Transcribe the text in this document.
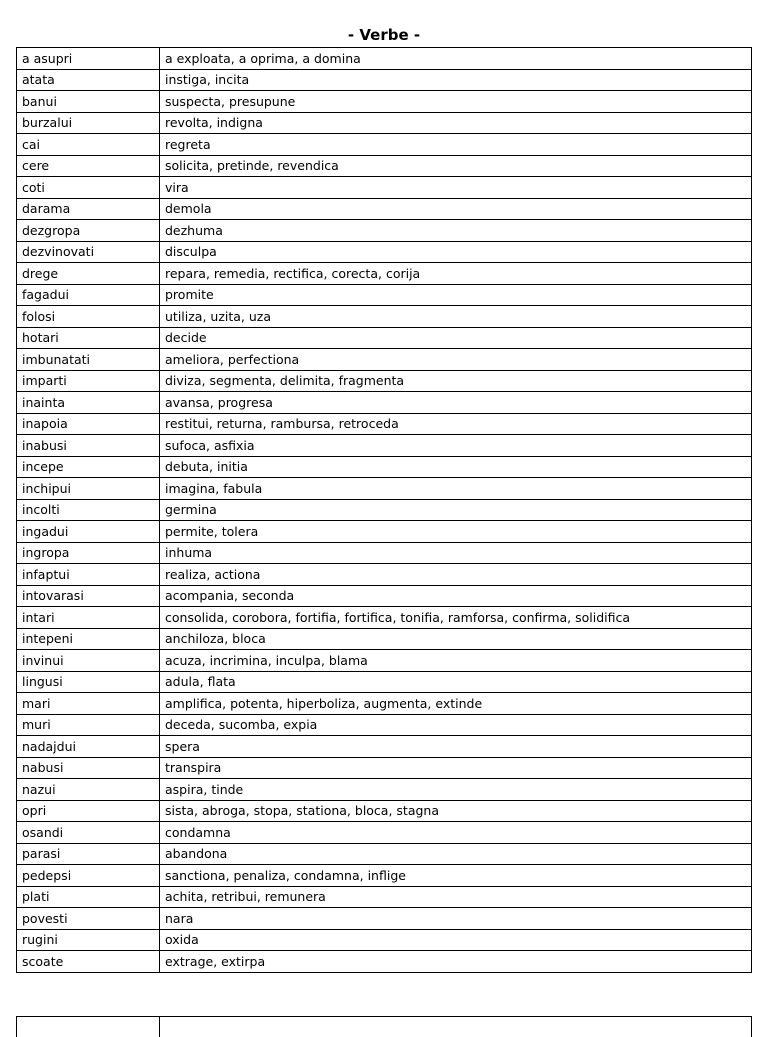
- Verbe -
a asupri	a exploata, a oprima, a domina
atata	instiga, incita
banui	suspecta, presupune
burzalui	revolta, indigna
cai	regreta
cere	solicita, pretinde, revendica
coti	vira
darama	demola
dezgropa	dezhuma
dezvinovati	disculpa
drege	repara, remedia, rectifica, corecta, corija
fagadui	promite
folosi	utiliza, uzita, uza
hotari	decide
imbunatati	ameliora, perfectiona
imparti	diviza, segmenta, delimita, fragmenta
inainta	avansa, progresa
inapoia	restitui, returna, rambursa, retroceda
inabusi	sufoca, asfixia
incepe	debuta, initia
inchipui	imagina, fabula
incolti	germina
ingadui	permite, tolera
ingropa	inhuma
infaptui	realiza, actiona
intovarasi	acompania, seconda
intari	consolida, corobora, fortifia, fortifica, tonifia, ramforsa, confirma, solidifica
intepeni	anchiloza, bloca
invinui	acuza, incrimina, inculpa, blama
lingusi	adula, flata
mari	amplifica, potenta, hiperboliza, augmenta, extinde
muri	deceda, sucomba, expia
nadajdui	spera
nabusi	transpira
nazui	aspira, tinde
opri	sista, abroga, stopa, stationa, bloca, stagna
osandi	condamna
parasi	abandona
pedepsi	sanctiona, penaliza, condamna, inflige
plati	achita, retribui, remunera
povesti	nara
rugini	oxida
scoate	extrage, extirpa
